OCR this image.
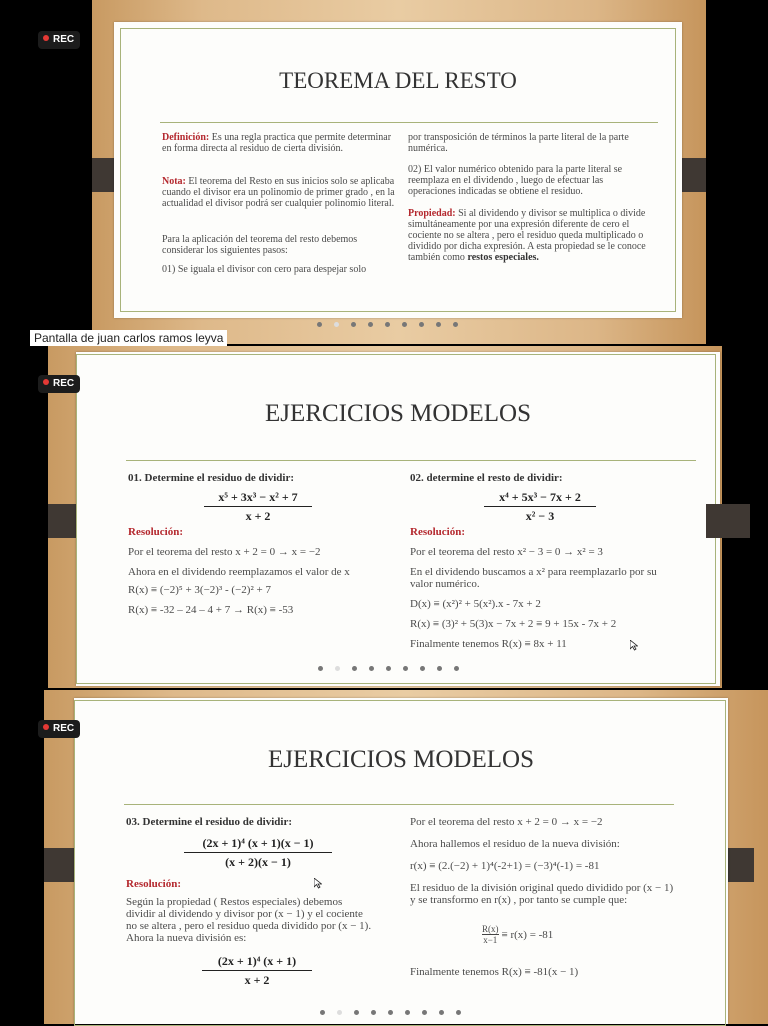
TEOREMA DEL RESTO
Definición: Es una regla practica que permite determinar en forma directa al residuo de cierta división.
Nota: El teorema del Resto en sus inicios solo se aplicaba cuando el divisor era un polinomio de primer grado , en la actualidad el divisor podrá ser cualquier polinomio literal.
Para la aplicación del teorema del resto debemos considerar los siguientes pasos:
01) Se iguala el divisor con cero para despejar solo
por transposición de términos la parte literal de la parte numérica.
02) El valor numérico obtenido para la parte literal se reemplaza en el dividendo , luego de efectuar las operaciones indicadas se obtiene el residuo.
Propiedad: Si al dividendo y divisor se multiplica o divide simultáneamente por una expresión diferente de cero el cociente no se altera , pero el residuo queda multiplicado o dividido por dicha expresión. A esta propiedad se le conoce también como restos especiales.
REC
Pantalla de juan carlos ramos leyva
EJERCICIOS MODELOS
01. Determine el residuo de dividir:
$\frac{\text{x⁵ + 3x³ − x² + 7}}{x + 2}$
Resolución:
Por el teorema del resto x + 2 = 0 → x = −2
Ahora en el dividendo reemplazamos el valor de x
R(x) ≡ (−2)⁵ + 3(−2)³ - (−2)² + 7
R(x) ≡ -32 – 24 – 4 + 7 → R(x) ≡ -53
02. determine el resto de dividir:
$\frac{\text{x⁴ + 5x³ − 7x + 2}}{\text{x² − 3}}$
Resolución:
Por el teorema del resto x² − 3 = 0 → x² = 3
En el dividendo buscamos a x² para reemplazarlo por su valor numérico.
D(x) ≡ (x²)² + 5(x²).x - 7x + 2
R(x) ≡ (3)² + 5(3)x − 7x + 2 ≡ 9 + 15x - 7x + 2
Finalmente tenemos R(x) ≡ 8x + 11
REC
EJERCICIOS MODELOS
03. Determine el residuo de dividir:
$\frac{\text{(2x + 1)⁴ (x + 1)(x − 1)}}{(x + 2)(x - 1)}$
Resolución:
Según la propiedad ( Restos especiales) debemos dividir al dividendo y divisor por (x − 1) y el cociente no se altera , pero el residuo queda dividido por (x − 1). Ahora la nueva división es:
$\frac{\text{(2x + 1)⁴ (x + 1)}}{x + 2}$
Por el teorema del resto x + 2 = 0 → x = −2
Ahora hallemos el residuo de la nueva división:
r(x) ≡ (2.(−2) + 1)⁴(-2+1) = (−3)⁴(-1) = -81
El residuo de la división original quedo dividido por (x − 1) y se transformo en r(x) , por tanto se cumple que:
$\frac{R(x)}{x-1} \equiv r(x) = -81$
Finalmente tenemos R(x) ≡ -81(x − 1)
REC
